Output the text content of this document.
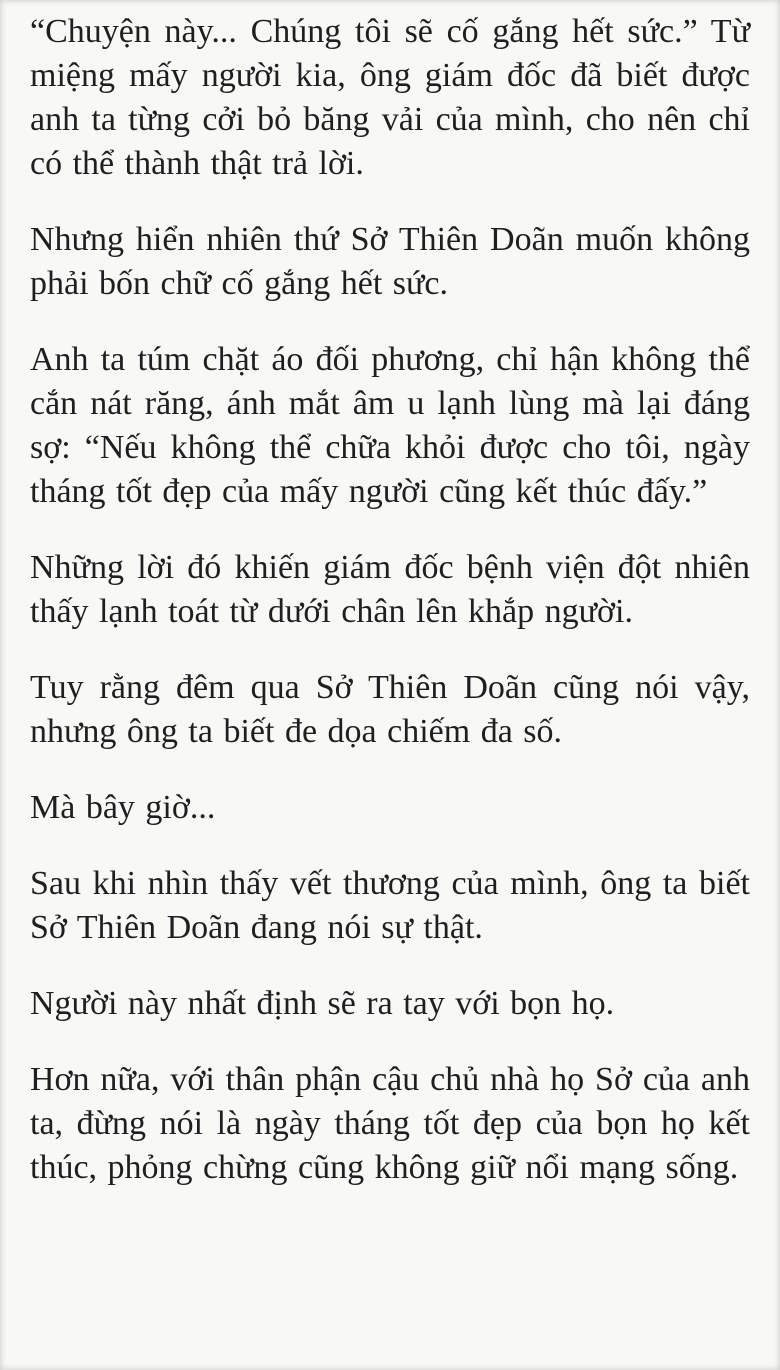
“Chuyện này... Chúng tôi sẽ cố gắng hết sức.” Từ miệng mấy người kia, ông giám đốc đã biết được anh ta từng cởi bỏ băng vải của mình, cho nên chỉ có thể thành thật trả lời.

Nhưng hiển nhiên thứ Sở Thiên Doãn muốn không phải bốn chữ cố gắng hết sức.

Anh ta túm chặt áo đối phương, chỉ hận không thể cắn nát răng, ánh mắt âm u lạnh lùng mà lại đáng sợ: “Nếu không thể chữa khỏi được cho tôi, ngày tháng tốt đẹp của mấy người cũng kết thúc đấy.”

Những lời đó khiến giám đốc bệnh viện đột nhiên thấy lạnh toát từ dưới chân lên khắp người.

Tuy rằng đêm qua Sở Thiên Doãn cũng nói vậy, nhưng ông ta biết đe dọa chiếm đa số.

Mà bây giờ...

Sau khi nhìn thấy vết thương của mình, ông ta biết Sở Thiên Doãn đang nói sự thật.

Người này nhất định sẽ ra tay với bọn họ.

Hơn nữa, với thân phận cậu chủ nhà họ Sở của anh ta, đừng nói là ngày tháng tốt đẹp của bọn họ kết thúc, phỏng chừng cũng không giữ nổi mạng sống.
